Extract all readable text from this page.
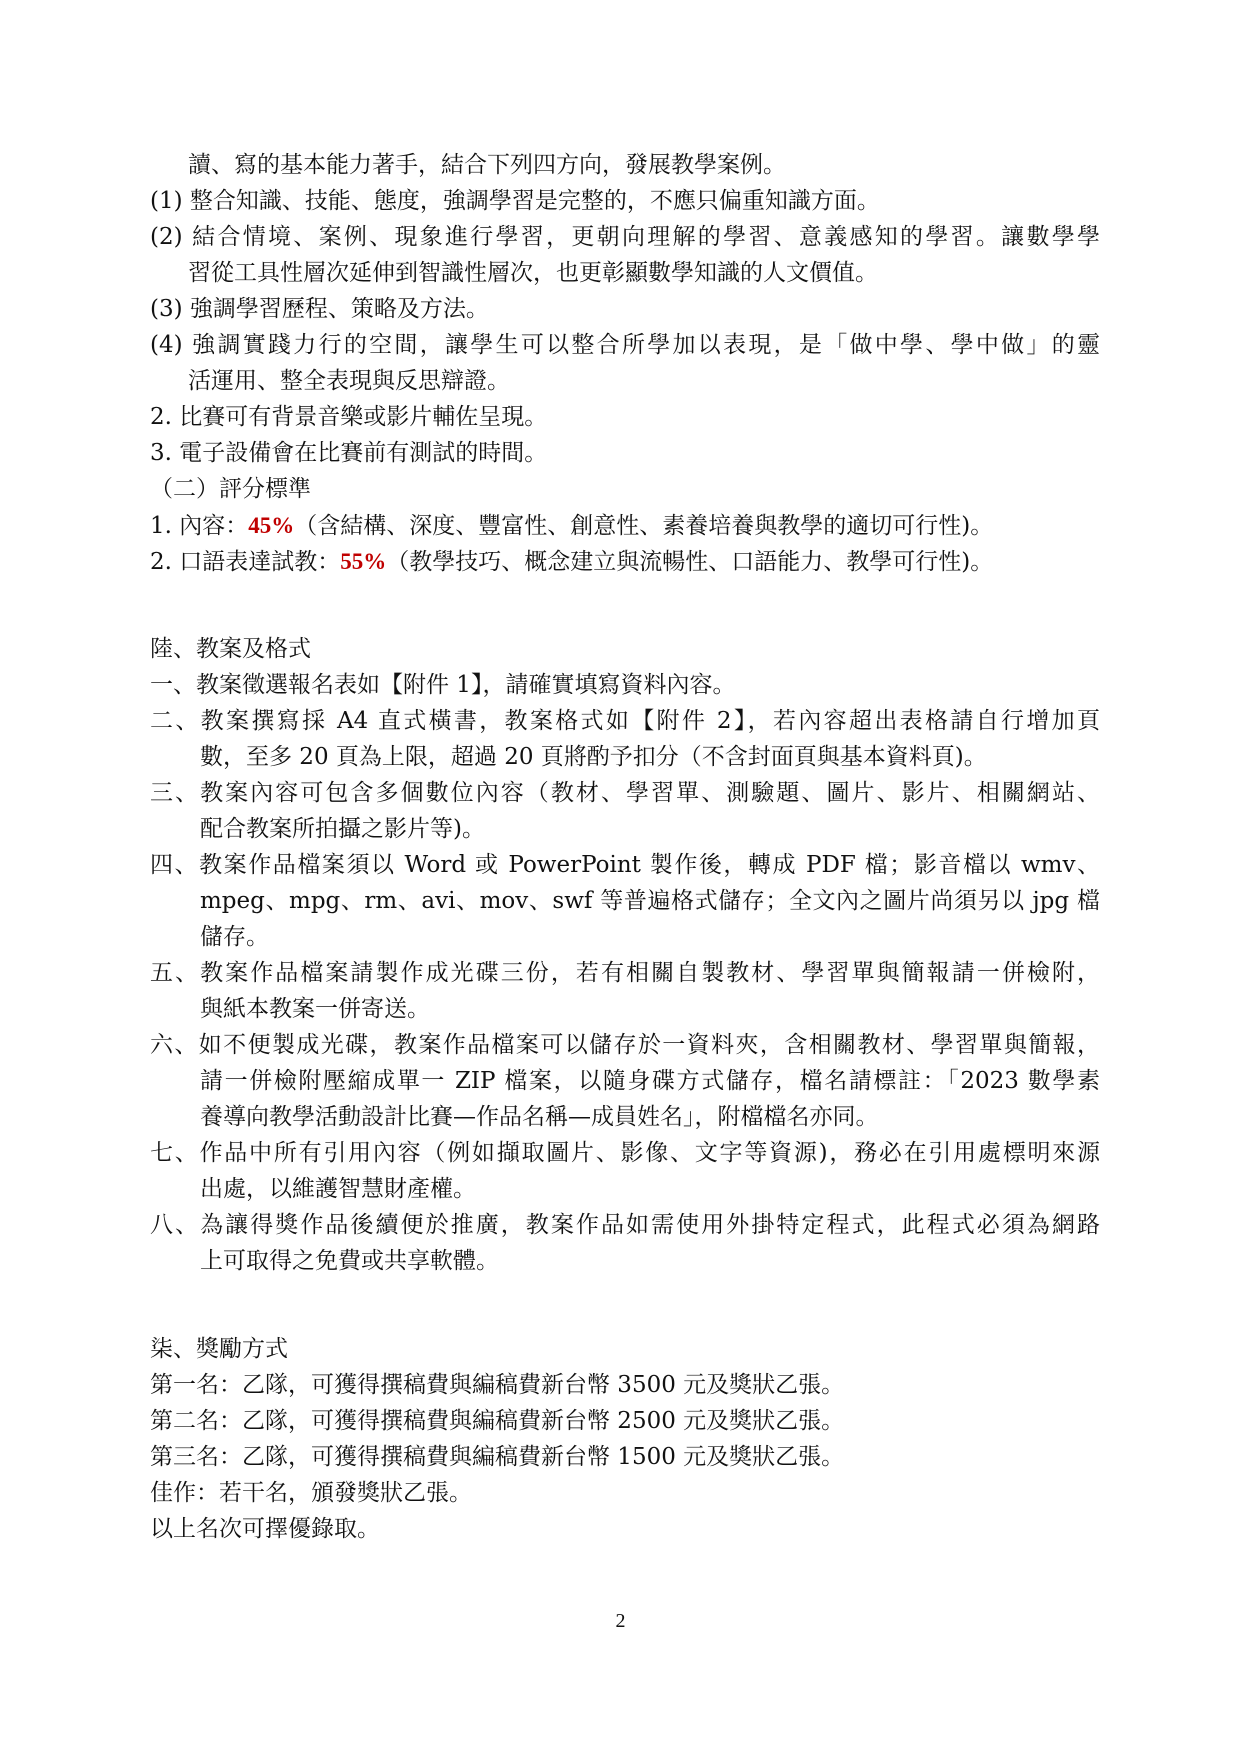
讀、寫的基本能力著手，結合下列四方向，發展教學案例。
(1) 整合知識、技能、態度，強調學習是完整的，不應只偏重知識方面。
(2) 結合情境、案例、現象進行學習，更朝向理解的學習、意義感知的學習。讓數學學
習從工具性層次延伸到智識性層次，也更彰顯數學知識的人文價值。
(3) 強調學習歷程、策略及方法。
(4) 強調實踐力行的空間，讓學生可以整合所學加以表現，是「做中學、學中做」的靈
活運用、整全表現與反思辯證。
2. 比賽可有背景音樂或影片輔佐呈現。
3. 電子設備會在比賽前有測試的時間。
（二）評分標準
1. 內容：45%（含結構、深度、豐富性、創意性、素養培養與教學的適切可行性)。
2. 口語表達試教：55%（教學技巧、概念建立與流暢性、口語能力、教學可行性)。
陸、教案及格式
一、教案徵選報名表如【附件 1】，請確實填寫資料內容。
二、教案撰寫採 A4 直式橫書，教案格式如【附件 2】，若內容超出表格請自行增加頁
數，至多 20 頁為上限，超過 20 頁將酌予扣分（不含封面頁與基本資料頁)。
三、教案內容可包含多個數位內容（教材、學習單、測驗題、圖片、影片、相關網站、
配合教案所拍攝之影片等)。
四、教案作品檔案須以 Word 或 PowerPoint 製作後，轉成 PDF 檔；影音檔以 wmv、
mpeg、mpg、rm、avi、mov、swf 等普遍格式儲存；全文內之圖片尚須另以 jpg 檔
儲存。
五、教案作品檔案請製作成光碟三份，若有相關自製教材、學習單與簡報請一併檢附，
與紙本教案一併寄送。
六、如不便製成光碟，教案作品檔案可以儲存於一資料夾，含相關教材、學習單與簡報，
請一併檢附壓縮成單一 ZIP 檔案，以隨身碟方式儲存，檔名請標註：「2023 數學素
養導向教學活動設計比賽—作品名稱—成員姓名」，附檔檔名亦同。
七、作品中所有引用內容（例如擷取圖片、影像、文字等資源)，務必在引用處標明來源
出處，以維護智慧財產權。
八、為讓得獎作品後續便於推廣，教案作品如需使用外掛特定程式，此程式必須為網路
上可取得之免費或共享軟體。
柒、獎勵方式
第一名：乙隊，可獲得撰稿費與編稿費新台幣 3500 元及獎狀乙張。
第二名：乙隊，可獲得撰稿費與編稿費新台幣 2500 元及獎狀乙張。
第三名：乙隊，可獲得撰稿費與編稿費新台幣 1500 元及獎狀乙張。
佳作：若干名，頒發獎狀乙張。
以上名次可擇優錄取。
2
